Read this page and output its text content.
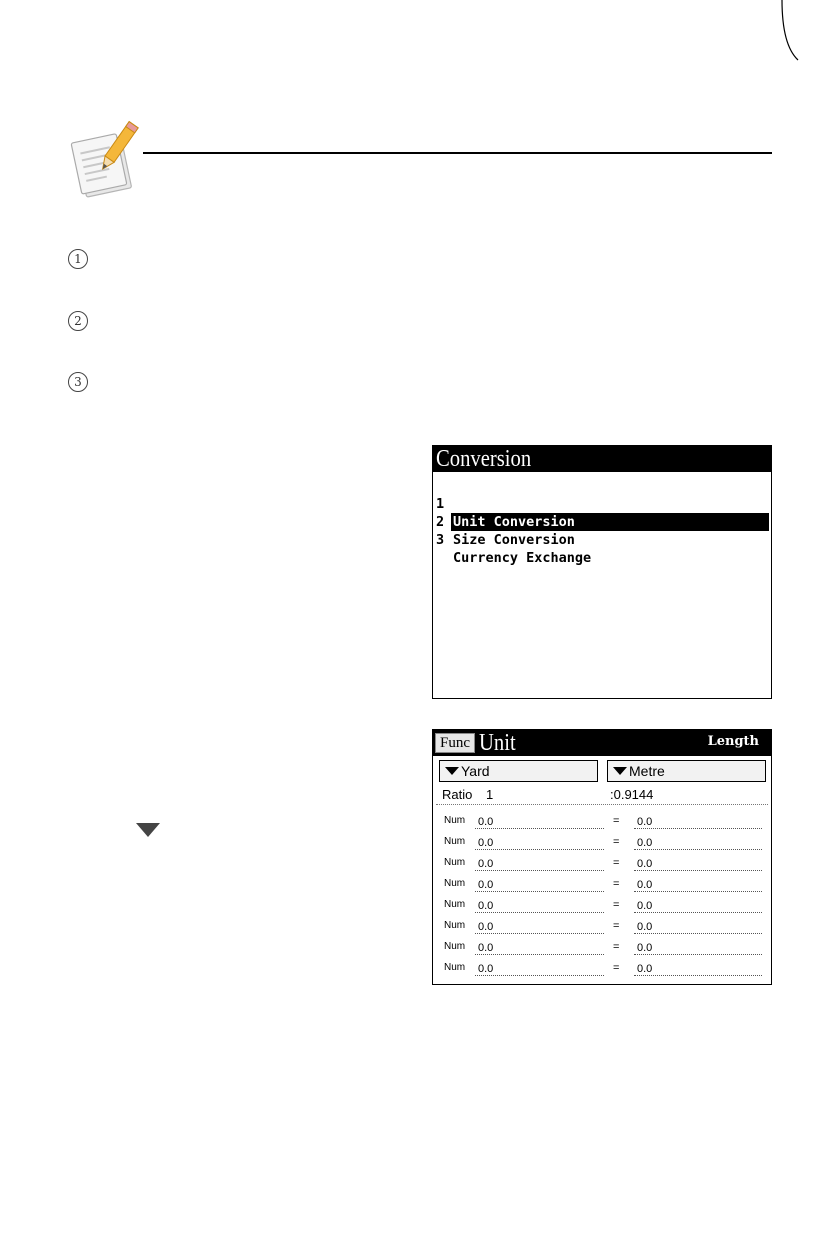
1
2
3
Conversion

1

Unit Conversion

2

Size Conversion

3

Currency Exchange

Func Unit	Length
Yard	Metre
Ratio 1	:0.9144
Num 0.0	= 0.0
Num 0.0	= 0.0
Num 0.0	= 0.0
Num 0.0	= 0.0
Num 0.0	= 0.0
Num 0.0	= 0.0
Num 0.0	= 0.0
Num 0.0	= 0.0
